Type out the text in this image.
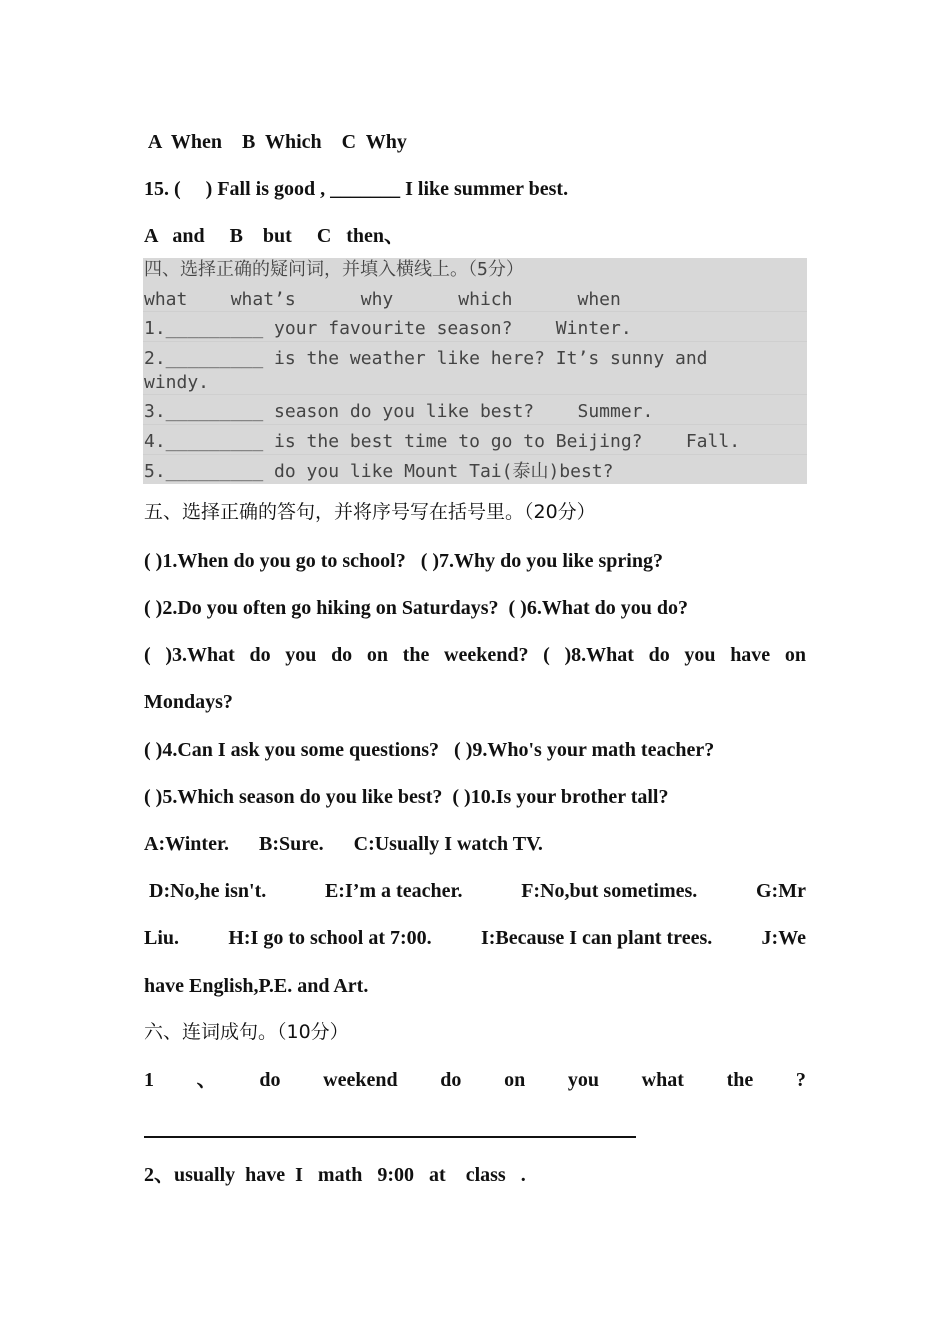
A  When    B  Which    C  Why
15. (     ) Fall is good , _______ I like summer best.
A   and     B    but     C   then、
四、选择正确的疑问词，并填入横线上。（5分）
what    what’s      why      which      when
1._________ your favourite season?    Winter.
2._________ is the weather like here? It’s sunny and
windy.
3._________ season do you like best?    Summer.
4._________ is the best time to go to Beijing?    Fall.
5._________ do you like Mount Tai(泰山)best?
五、选择正确的答句，并将序号写在括号里。（20分）
( )1.When do you go to school?   ( )7.Why do you like spring?
( )2.Do you often go hiking on Saturdays?  ( )6.What do you do?
( )3.What do you do on the weekend? ( )8.What do you have on
Mondays?
( )4.Can I ask you some questions?   ( )9.Who's your math teacher?
( )5.Which season do you like best?  ( )10.Is your brother tall?
A:Winter.      B:Sure.      C:Usually I watch TV.
D:No,he isn't.	E:I’m a teacher.	F:No,but sometimes.	G:Mr
Liu. H:I go to school at 7:00. I:Because I can plant trees. J:We
have English,P.E. and Art.
六、连词成句。（10分）
1 、 do weekend do on you what the ?
2、usually  have  I   math   9:00   at    class   .
